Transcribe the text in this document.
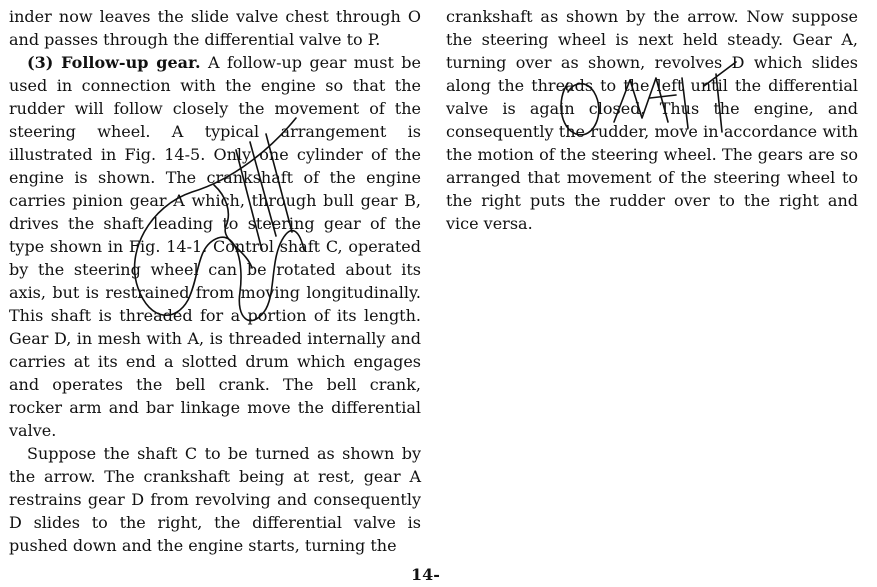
inder now leaves the slide valve chest through O and passes through the differential valve to P.

(3) Follow-up gear. A follow-up gear must be used in connection with the engine so that the rudder will follow closely the movement of the steering wheel. A typical arrangement is illustrated in Fig. 14-5. Only one cylinder of the engine is shown. The crankshaft of the engine carries pinion gear A which, through bull gear B, drives the shaft leading to steering gear of the type shown in Fig. 14-1. Control shaft C, operated by the steering wheel can be rotated about its axis, but is restrained from moving longitudinally. This shaft is threaded for a portion of its length. Gear D, in mesh with A, is threaded internally and carries at its end a slotted drum which engages and operates the bell crank. The bell crank, rocker arm and bar linkage move the differential valve.

Suppose the shaft C to be turned as shown by the arrow. The crankshaft being at rest, gear A restrains gear D from revolving and consequently D slides to the right, the differential valve is pushed down and the engine starts, turning the

crankshaft as shown by the arrow. Now suppose the steering wheel is next held steady. Gear A, turning over as shown, revolves D which slides along the threads to the left until the differential valve is again closed. Thus the engine, and consequently the rudder, move in accordance with the motion of the steering wheel. The gears are so arranged that movement of the steering wheel to the right puts the rudder over to the right and vice versa.

14-
